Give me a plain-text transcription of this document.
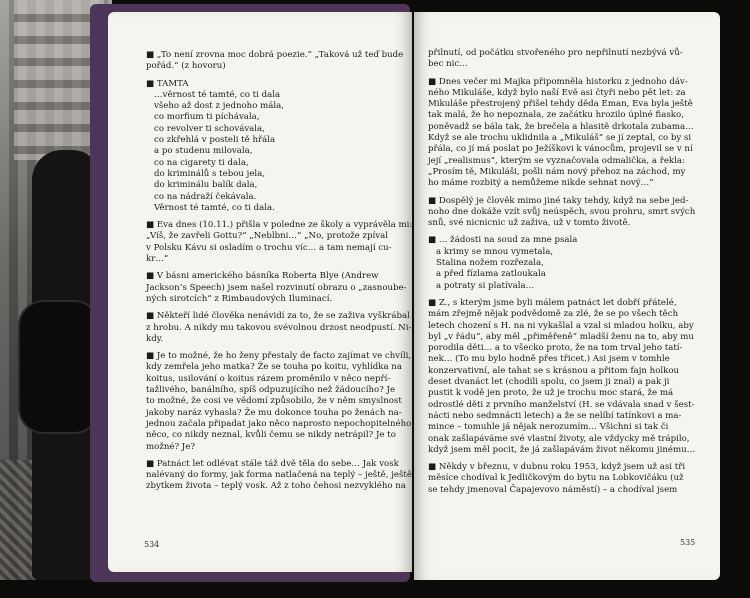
■ „To není zrovna moc dobrá poezie.“ „Taková už teď bude
pořád.“ (z hovoru)
■ TAMTA
…věrnost té tamté, co ti dala
všeho až dost z jednoho mála,
co morfium ti píchávala,
co revolver ti schovávala,
co zkřehlá v posteli tě hřála
a po studenu milovala,
co na cigarety ti dala,
do kriminálů s tebou jela,
do kriminálu balík dala,
co na nádraží čekávala.
Věrnost té tamté, co ti dala.
■ Eva dnes (10.11.) přišla v poledne ze školy a vyprávěla mi:
„Víš, že zavřeli Gottu?“ „Neblbni…“ „No, protože zpíval
v Polsku Kávu si osladím o trochu víc… a tam nemají cu-
kr…“
■ V básni amerického básníka Roberta Blye (Andrew
Jackson’s Speech) jsem našel rozvinutí obrazu o „zasnoube-
ných sirotcích“ z Rimbaudových Iluminací.
■ Někteří lidé člověka nenávidí za to, že se zaživa vyškrábal
z hrobu. A nikdy mu takovou svévolnou drzost neodpustí. Ni-
kdy.
■ Je to možné, že ho ženy přestaly de facto zajímat ve chvíli,
kdy zemřela jeho matka? Že se touha po koitu, vyhlídka na
koitus, usilování o koitus rázem proměnilo v něco nepří-
tažlivého, banálního, spíš odpuzujícího než žádoucího? Je
to možné, že cosi ve vědomí způsobilo, že v něm smyslnost
jakoby naráz vyhasla? Že mu dokonce touha po ženách na-
jednou začala připadat jako něco naprosto nepochopitelného,
něco, co nikdy neznal, kvůli čemu se nikdy netrápil? Je to
možné? Je?
■ Patnáct let odlévat stále táž dvě těla do sebe… Jak vosk
nalévaný do formy, jak forma natlačená na teplý – ještě, ještě
zbytkem života – teplý vosk. Až z toho čehosi nezvyklého na
534
přilnutí, od počátku stvořeného pro nepřilnutí nezbývá vů-
bec nic…
■ Dnes večer mi Majka připomněla historku z jednoho dáv-
ného Mikuláše, když bylo naší Evě asi čtyři nebo pět let: za
Mikuláše přestrojený přišel tehdy děda Eman, Eva byla ještě
tak malá, že ho nepoznala, ze začátku hrozilo úplné fiasko,
poněvadž se bála tak, že brečela a hlasitě drkotala zubama…
Když se ale trochu uklidnila a „Mikuláš“ se jí zeptal, co by si
přála, co jí má poslat po Ježíškovi k vánocům, projevil se v ní
její „realismus“, kterým se vyznačovala odmalička, a řekla:
„Prosím tě, Mikuláši, pošli nám nový přehoz na záchod, my
ho máme rozbitý a nemůžeme nikde sehnat nový…“
■ Dospělý je člověk mimo jiné taky tehdy, když na sebe jed-
noho dne dokáže vzít svůj neúspěch, svou prohru, smrt svých
snů, své nicnicnic už zaživa, už v tomto životě.
■ … žádosti na soud za mne psala
a krimy se mnou vymetala,
Stalina nožem rozřezala,
a před fízlama zatloukala
a potraty si platívala…
■ Z., s kterým jsme byli málem patnáct let dobří přátelé,
mám zřejmě nějak podvědomě za zlé, že se po všech těch
letech chození s H. na ni vykašlal a vzal si mladou holku, aby
byl „v řádu“, aby měl „přiměřeně“ mladší ženu na to, aby mu
porodila děti… a to všecko proto, že na tom trval jeho tatí-
nek… (To mu bylo hodně přes třicet.) Asi jsem v tomhle
konzervativní, ale tahat se s krásnou a přitom fajn holkou
deset dvanáct let (chodili spolu, co jsem ji znal) a pak ji
pustit k vodě jen proto, že už je trochu moc stará, že má
odrostlé děti z prvního manželství (H. se vdávala snad v šest-
nácti nebo sedmnácti letech) a že se nelíbí tatínkovi a ma-
mince – tomuhle já nějak nerozumím… Všichni si tak či
onak zašlapáváme své vlastní životy, ale vždycky mě trápilo,
když jsem měl pocit, že já zašlapávám život někomu jinému…
■ Někdy v březnu, v dubnu roku 1953, když jsem už asi tři
měsíce chodíval k Jedličkovým do bytu na Lobkovičáku (už
se tehdy jmenoval Čapajevovo náměstí) – a chodíval jsem
535
